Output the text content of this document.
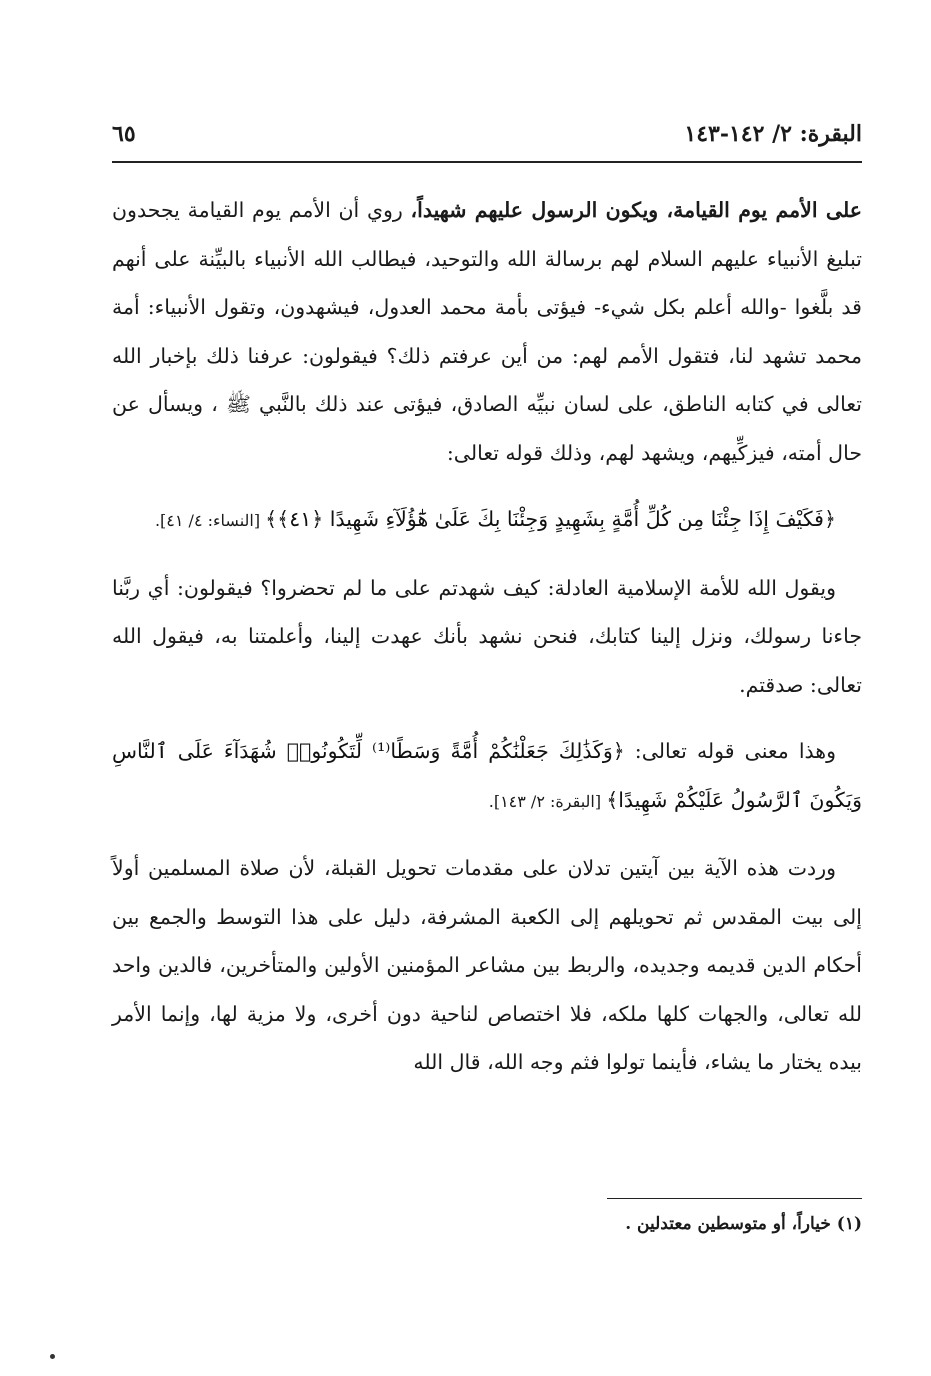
البقرة: ٢/ ١٤٢-١٤٣
٦٥

على الأمم يوم القيامة، ويكون الرسول عليهم شهيداً، روي أن الأمم يوم القيامة يجحدون تبليغ الأنبياء عليهم السلام لهم برسالة الله والتوحيد، فيطالب الله الأنبياء بالبيِّنة على أنهم قد بلَّغوا -والله أعلم بكل شيء- فيؤتى بأمة محمد العدول، فيشهدون، وتقول الأنبياء: أمة محمد تشهد لنا، فتقول الأمم لهم: من أين عرفتم ذلك؟ فيقولون: عرفنا ذلك بإخبار الله تعالى في كتابه الناطق، على لسان نبيِّه الصادق، فيؤتى عند ذلك بالنَّبي ﷺ ، ويسأل عن حال أمته، فيزكِّيهم، ويشهد لهم، وذلك قوله تعالى:

﴿فَكَيْفَ إِذَا جِئْنَا مِن كُلِّ أُمَّةٍ بِشَهِيدٍ وَجِئْنَا بِكَ عَلَىٰ هَٰٓؤُلَآءِ شَهِيدًا ﴿٤١﴾﴾ [النساء: ٤/ ٤١].

ويقول الله للأمة الإسلامية العادلة: كيف شهدتم على ما لم تحضروا؟ فيقولون: أي ربَّنا جاءنا رسولك، ونزل إلينا كتابك، فنحن نشهد بأنك عهدت إلينا، وأعلمتنا به، فيقول الله تعالى: صدقتم.

وهذا معنى قوله تعالى: ﴿وَكَذَٰلِكَ جَعَلْنَٰكُمْ أُمَّةً وَسَطًا⁽¹⁾ لِّتَكُونُوا۟ شُهَدَآءَ عَلَى ٱلنَّاسِ وَيَكُونَ ٱلرَّسُولُ عَلَيْكُمْ شَهِيدًا﴾ [البقرة: ٢/ ١٤٣].

وردت هذه الآية بين آيتين تدلان على مقدمات تحويل القبلة، لأن صلاة المسلمين أولاً إلى بيت المقدس ثم تحويلهم إلى الكعبة المشرفة، دليل على هذا التوسط والجمع بين أحكام الدين قديمه وجديده، والربط بين مشاعر المؤمنين الأولين والمتأخرين، فالدين واحد لله تعالى، والجهات كلها ملكه، فلا اختصاص لناحية دون أخرى، ولا مزية لها، وإنما الأمر بيده يختار ما يشاء، فأينما تولوا فثم وجه الله، قال الله

(١) خياراً، أو متوسطين معتدلين .
